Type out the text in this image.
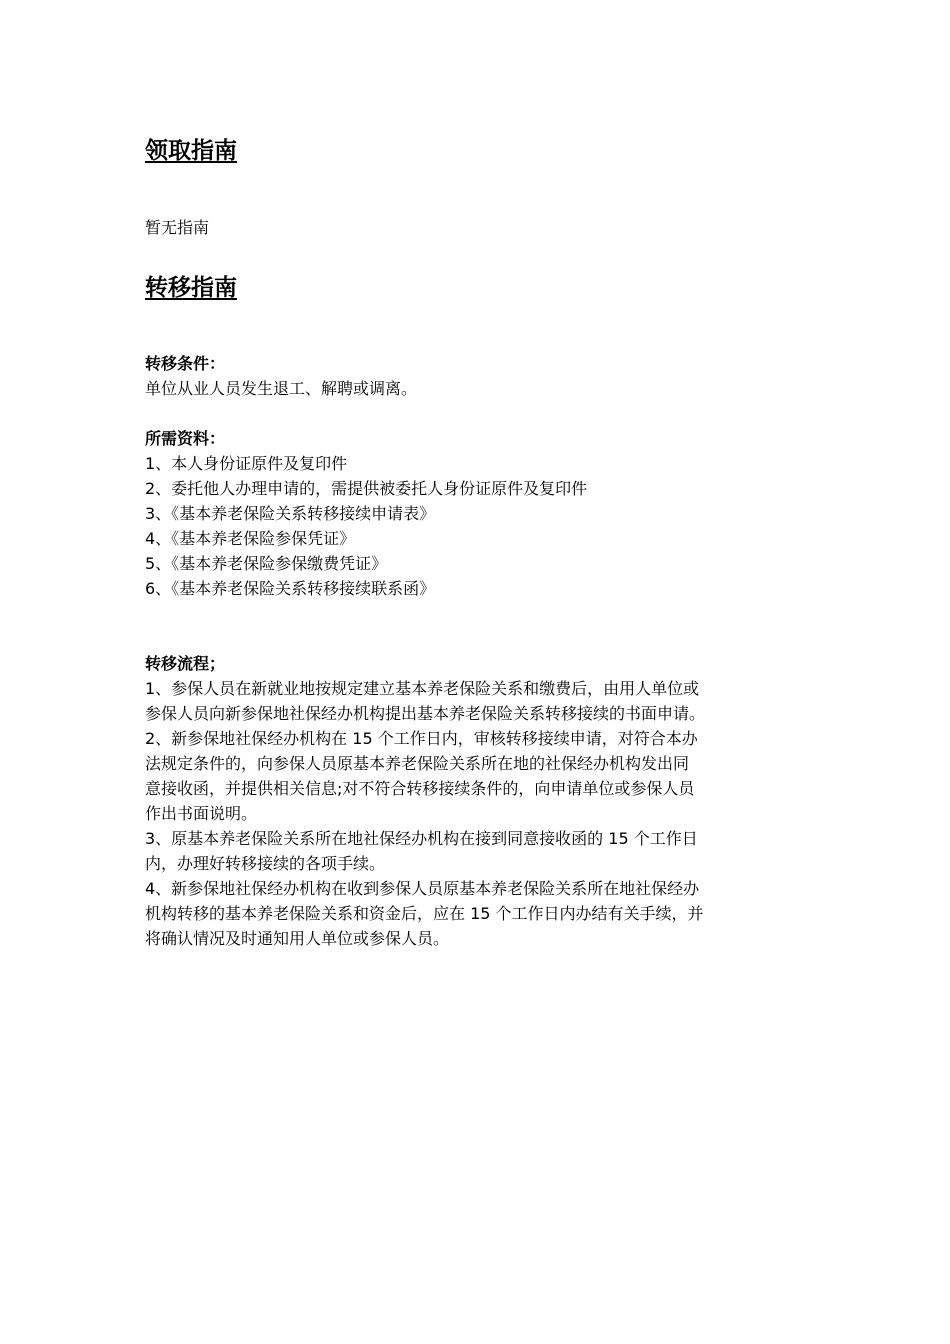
领取指南

暂无指南

转移指南

转移条件：

单位从业人员发生退工、解聘或调离。

所需资料：

1、本人身份证原件及复印件
2、委托他人办理申请的，需提供被委托人身份证原件及复印件
3、《基本养老保险关系转移接续申请表》
4、《基本养老保险参保凭证》
5、《基本养老保险参保缴费凭证》
6、《基本养老保险关系转移接续联系函》

转移流程；

1、参保人员在新就业地按规定建立基本养老保险关系和缴费后，由用人单位或
参保人员向新参保地社保经办机构提出基本养老保险关系转移接续的书面申请。
2、新参保地社保经办机构在 15 个工作日内，审核转移接续申请，对符合本办
法规定条件的，向参保人员原基本养老保险关系所在地的社保经办机构发出同
意接收函，并提供相关信息;对不符合转移接续条件的，向申请单位或参保人员
作出书面说明。
3、原基本养老保险关系所在地社保经办机构在接到同意接收函的 15 个工作日
内，办理好转移接续的各项手续。
4、新参保地社保经办机构在收到参保人员原基本养老保险关系所在地社保经办
机构转移的基本养老保险关系和资金后，应在 15 个工作日内办结有关手续，并
将确认情况及时通知用人单位或参保人员。
